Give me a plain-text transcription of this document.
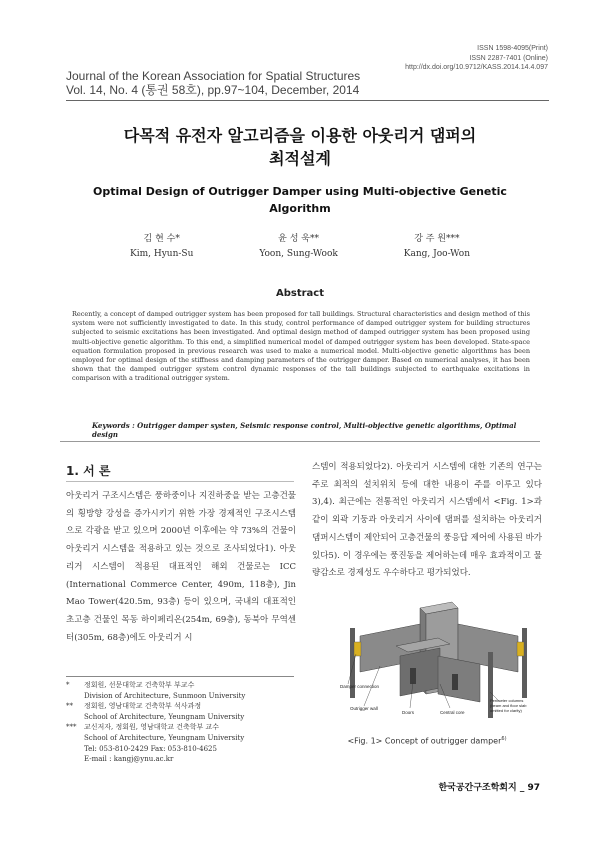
ISSN 1598-4095(Print)
ISSN 2287-7401 (Online)
http://dx.doi.org/10.9712/KASS.2014.14.4.097
Journal of the Korean Association for Spatial Structures
Vol. 14, No. 4 (통권 58호), pp.97~104, December, 2014
다목적 유전자 알고리즘을 이용한 아웃리거 댐퍼의
최적설계
Optimal Design of Outrigger Damper using Multi-objective Genetic
Algorithm
김 현 수*
Kim, Hyun-Su
윤 성 욱**
Yoon, Sung-Wook
강 주 원***
Kang, Joo-Won
Abstract
Recently, a concept of damped outrigger system has been proposed for tall buildings. Structural characteristics and design method of this system were not sufficiently investigated to date. In this study, control performance of damped outrigger system for building structures subjected to seismic excitations has been investigated. And optimal design method of damped outrigger system has been proposed using multi-objective genetic algorithm. To this end, a simplified numerical model of damped outrigger system has been developed. State-space equation formulation proposed in previous research was used to make a numerical model. Multi-objective genetic algorithms has been employed for optimal design of the stiffness and damping parameters of the outrigger damper. Based on numerical analyses, it has been shown that the damped outrigger system control dynamic responses of the tall buildings subjected to earthquake excitations in comparison with a traditional outrigger system.
Keywords : Outrigger damper systen, Seismic response control, Multi-objective genetic algorithms, Optimal design
1. 서 론
아웃리거 구조시스템은 풍하중이나 지진하중을 받는 고층건물의 횡방향 강성을 증가시키기 위한 가장 경제적인 구조시스템으로 각광을 받고 있으며 2000년 이후에는 약 73%의 건물이 아웃리거 시스템을 적용하고 있는 것으로 조사되었다1). 아웃리거 시스템이 적용된 대표적인 해외 건물로는 ICC (International Commerce Center, 490m, 118층), Jin Mao Tower(420.5m, 93층) 등이 있으며, 국내의 대표적인 초고층 건물인 목동 하이페리온(254m, 69층), 동북아 무역센터(305m, 68층)에도 아웃리거 시
스템이 적용되었다2). 아웃리거 시스템에 대한 기존의 연구는 주로 최적의 설치위치 등에 대한 내용이 주를 이루고 있다3),4). 최근에는 전통적인 아웃리거 시스템에서 <Fig. 1>과 같이 외곽 기둥과 아웃리거 사이에 댐퍼를 설치하는 아웃리거 댐퍼시스템이 제안되어 고층건물의 풍응답 제어에 사용된 바가 있다5). 이 경우에는 풍진동을 제어하는데 매우 효과적이고 물량감소로 경제성도 우수하다고 평가되었다.
*	정회원, 선문대학교 건축학부 부교수
Division of Architecture, Sunmoon University
**	정회원, 영남대학교 건축학부 석사과정
School of Architecture, Yeungnam University
***	교신저자, 정회원, 영남대학교 건축학부 교수
School of Architecture, Yeungnam University
Tel: 053-810-2429 Fax: 053-810-4625
E-mail : kangj@ynu.ac.kr
Damper connection
Outrigger wall
Doors	Central core
Perimeter columns (beam and floor slab omitted for clarity)
<Fig. 1> Concept of outrigger damper$^{6)}$
한국공간구조학회지 _ 97
